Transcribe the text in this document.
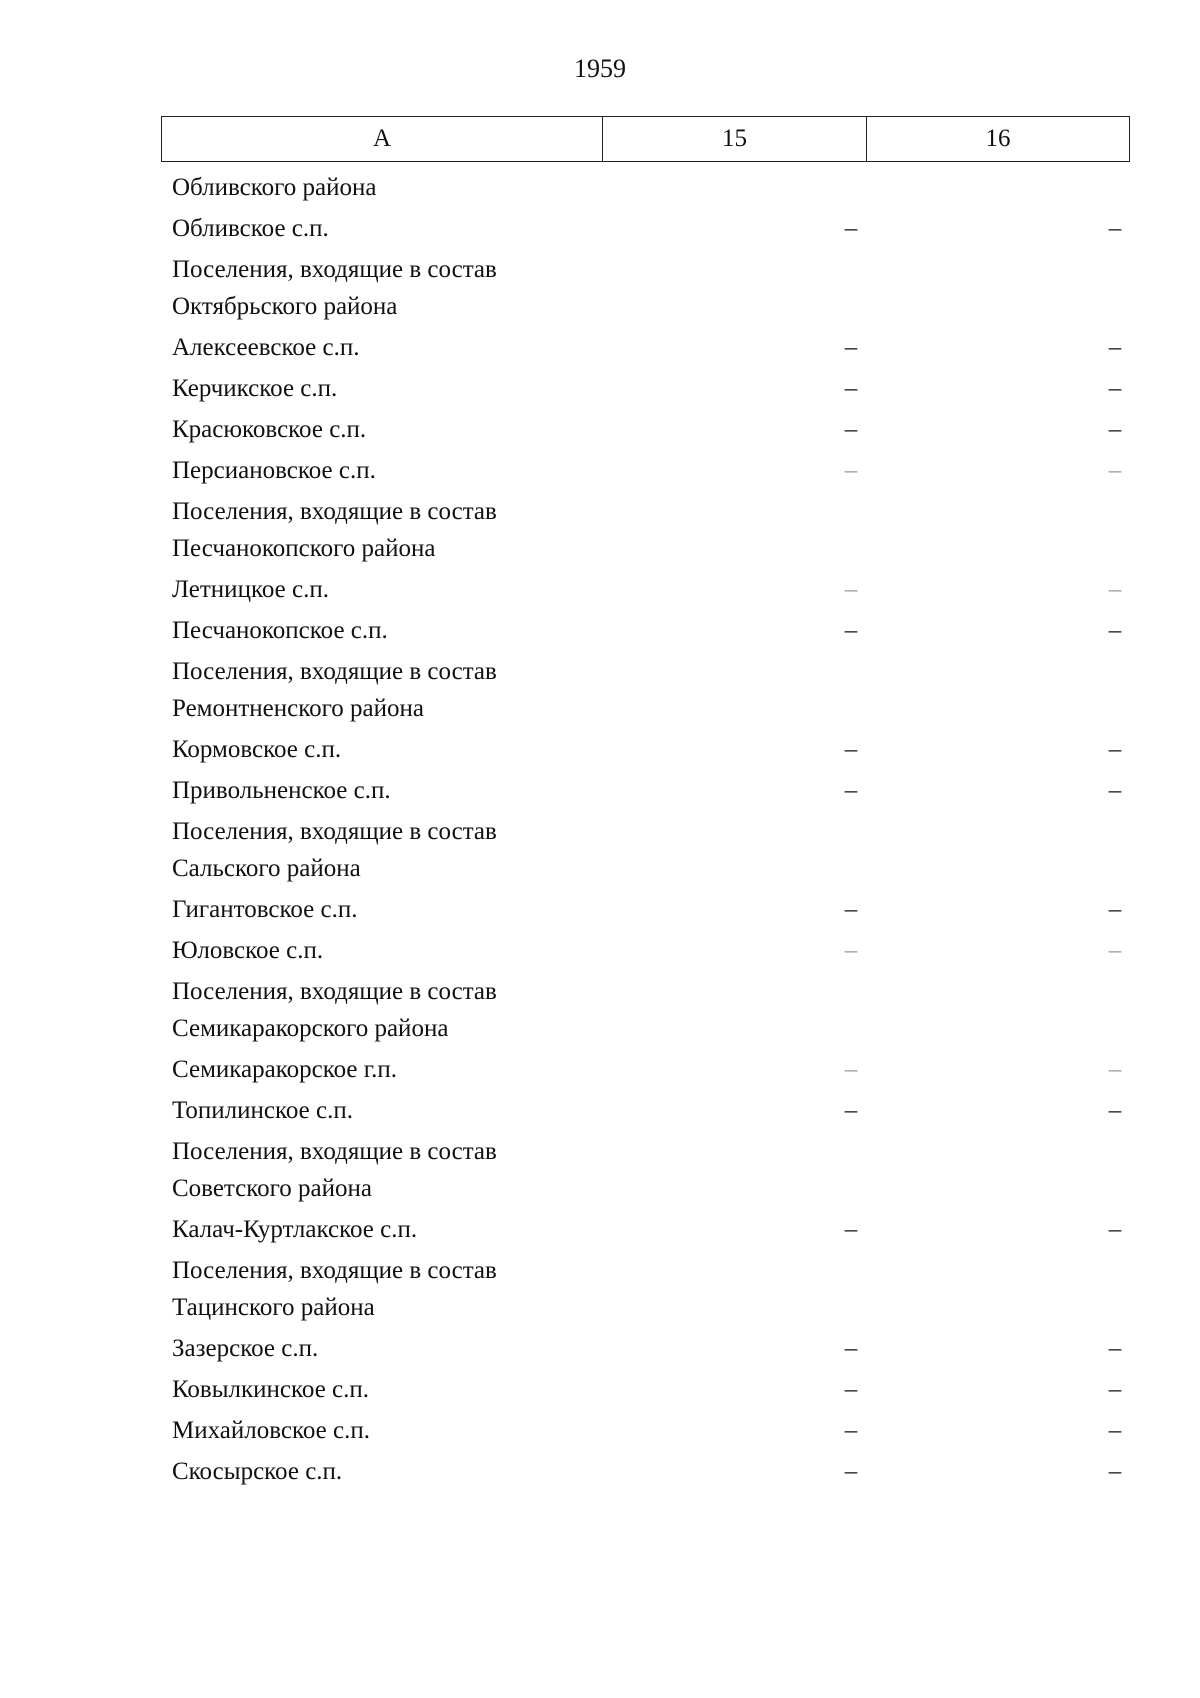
1959
A	15	16
Обливского района
Обливское с.п.	–	–
Поселения, входящие в состав
Октябрьского района
Алексеевское с.п.	–	–
Керчикское с.п.	–	–
Красюковское с.п.	–	–
Персиановское с.п.	–	–
Поселения, входящие в состав
Песчанокопского района
Летницкое с.п.	–	–
Песчанокопское с.п.	–	–
Поселения, входящие в состав
Ремонтненского района
Кормовское с.п.	–	–
Привольненское с.п.	–	–
Поселения, входящие в состав
Сальского района
Гигантовское с.п.	–	–
Юловское с.п.	–	–
Поселения, входящие в состав
Семикаракорского района
Семикаракорское г.п.	–	–
Топилинское с.п.	–	–
Поселения, входящие в состав
Советского района
Калач-Куртлакское с.п.	–	–
Поселения, входящие в состав
Тацинского района
Зазерское с.п.	–	–
Ковылкинское с.п.	–	–
Михайловское с.п.	–	–
Скосырское с.п.	–	–
